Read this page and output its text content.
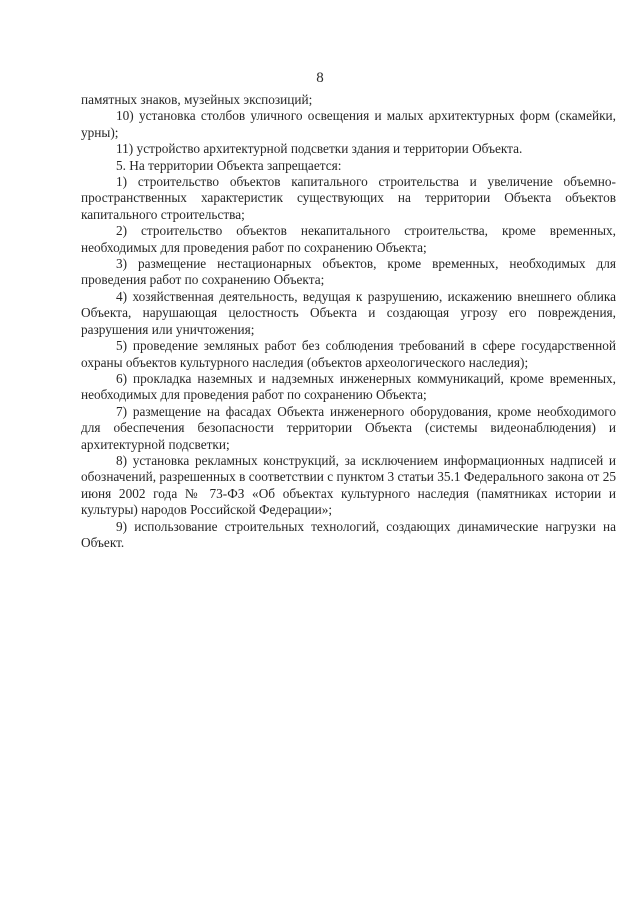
8

памятных знаков, музейных экспозиций;

10) установка столбов уличного освещения и малых архитектурных форм (скамейки, урны);

11) устройство архитектурной подсветки здания и территории Объекта.

5. На территории Объекта запрещается:

1) строительство объектов капитального строительства и увеличение объемно-пространственных характеристик существующих на территории Объекта объектов капитального строительства;

2) строительство объектов некапитального строительства, кроме временных, необходимых для проведения работ по сохранению Объекта;

3) размещение нестационарных объектов, кроме временных, необходимых для проведения работ по сохранению Объекта;

4) хозяйственная деятельность, ведущая к разрушению, искажению внешнего облика Объекта, нарушающая целостность Объекта и создающая угрозу его повреждения, разрушения или уничтожения;

5) проведение земляных работ без соблюдения требований в сфере государственной охраны объектов культурного наследия (объектов археологического наследия);

6) прокладка наземных и надземных инженерных коммуникаций, кроме временных, необходимых для проведения работ по сохранению Объекта;

7) размещение на фасадах Объекта инженерного оборудования, кроме необходимого для обеспечения безопасности территории Объекта (системы видеонаблюдения) и архитектурной подсветки;

8) установка рекламных конструкций, за исключением информационных надписей и обозначений, разрешенных в соответствии с пунктом 3 статьи 35.1 Федерального закона от 25 июня 2002 года № 73-ФЗ «Об объектах культурного наследия (памятниках истории и культуры) народов Российской Федерации»;

9) использование строительных технологий, создающих динамические нагрузки на Объект.
